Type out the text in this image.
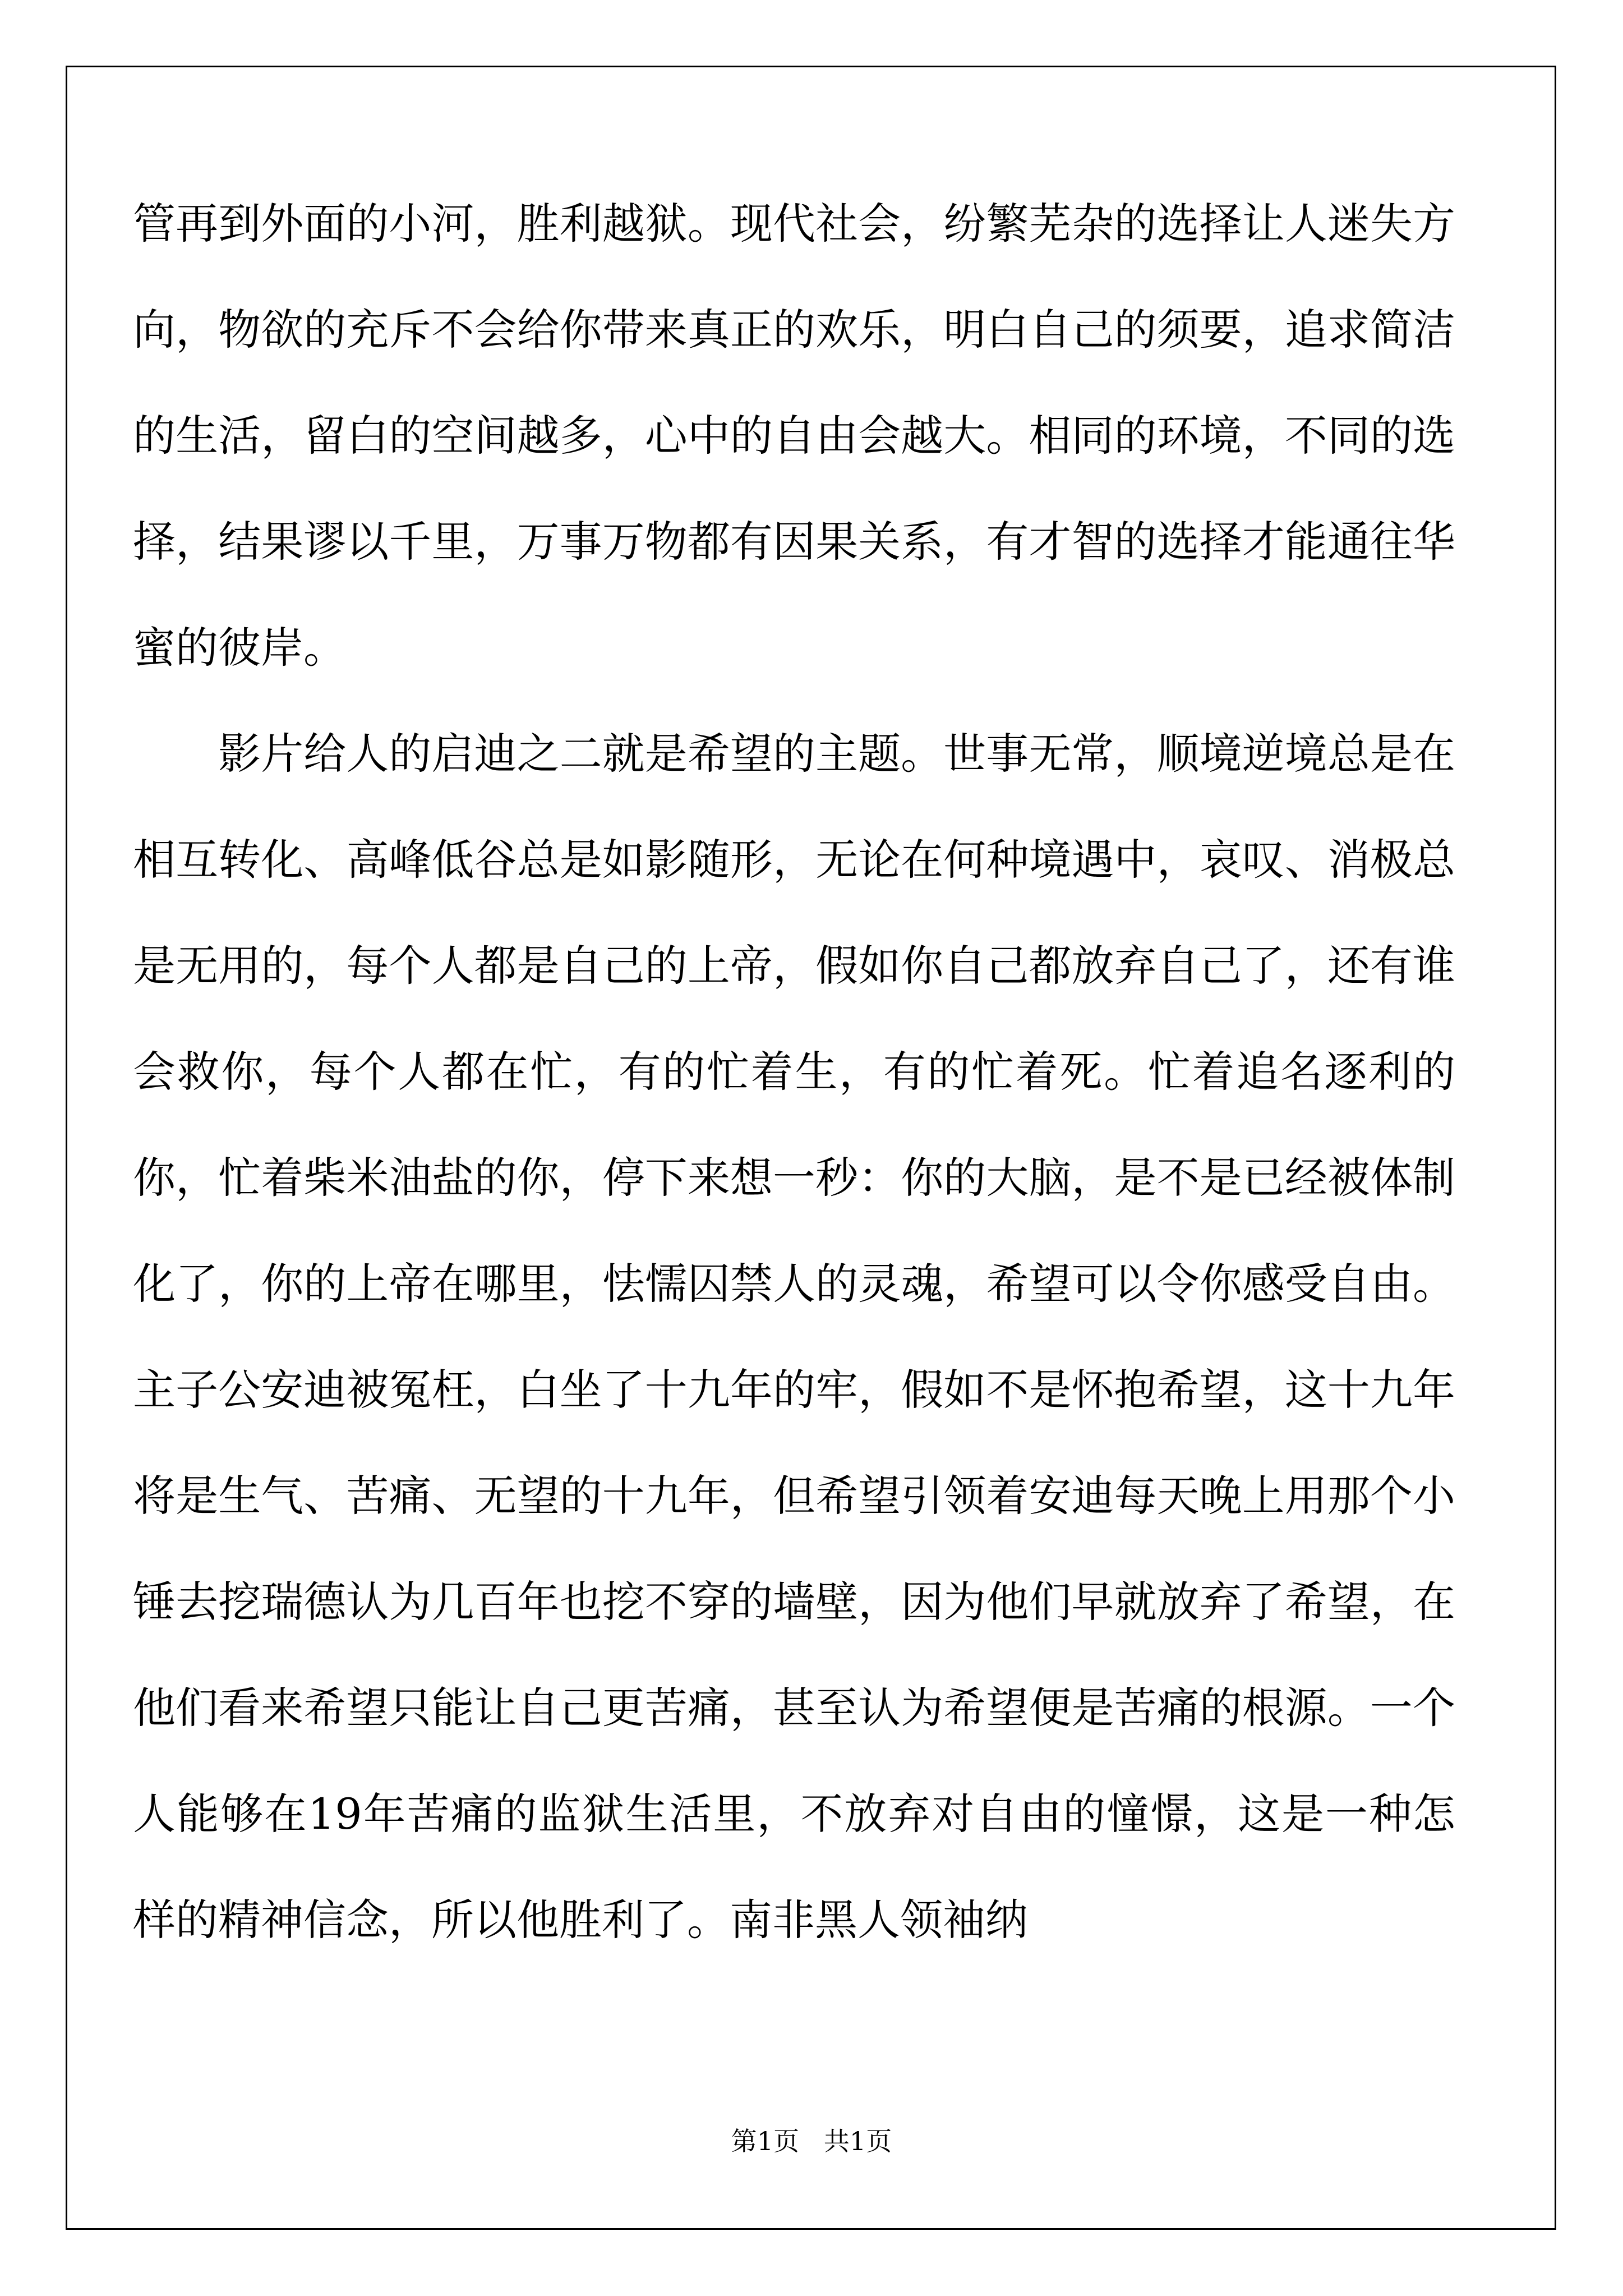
管再到外面的小河，胜利越狱。现代社会，纷繁芜杂的选择让人迷失方向，物欲的充斥不会给你带来真正的欢乐，明白自己的须要，追求简洁的生活，留白的空间越多，心中的自由会越大。相同的环境，不同的选择，结果谬以千里，万事万物都有因果关系，有才智的选择才能通往华蜜的彼岸。

影片给人的启迪之二就是希望的主题。世事无常，顺境逆境总是在相互转化、高峰低谷总是如影随形，无论在何种境遇中，哀叹、消极总是无用的，每个人都是自己的上帝，假如你自己都放弃自己了，还有谁会救你，每个人都在忙，有的忙着生，有的忙着死。忙着追名逐利的你，忙着柴米油盐的你，停下来想一秒：你的大脑，是不是已经被体制化了，你的上帝在哪里，怯懦囚禁人的灵魂，希望可以令你感受自由。主子公安迪被冤枉，白坐了十九年的牢，假如不是怀抱希望，这十九年将是生气、苦痛、无望的十九年，但希望引领着安迪每天晚上用那个小锤去挖瑞德认为几百年也挖不穿的墙壁，因为他们早就放弃了希望，在他们看来希望只能让自己更苦痛，甚至认为希望便是苦痛的根源。一个人能够在19年苦痛的监狱生活里，不放弃对自由的憧憬，这是一种怎样的精神信念，所以他胜利了。南非黑人领袖纳

第1页   共1页
